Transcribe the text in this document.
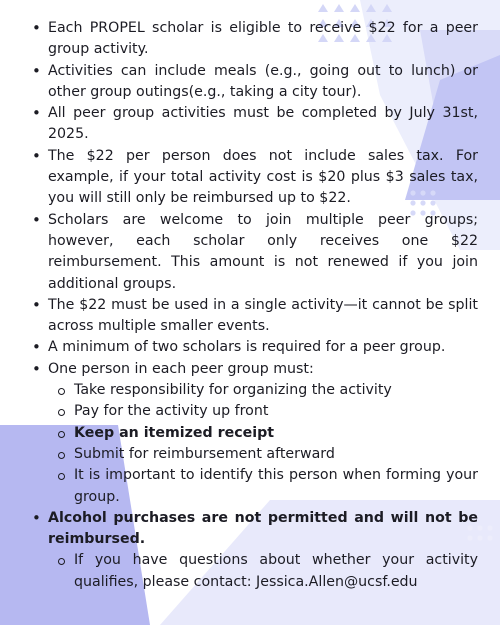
• Each PROPEL scholar is eligible to receive $22 for a peer group activity.
• Activities can include meals (e.g., going out to lunch) or other group outings(e.g., taking a city tour).
• All peer group activities must be completed by July 31st, 2025.
• The $22 per person does not include sales tax. For example, if your total activity cost is $20 plus $3 sales tax, you will still only be reimbursed up to $22.
• Scholars are welcome to join multiple peer groups; however, each scholar only receives one $22 reimbursement. This amount is not renewed if you join additional groups.
• The $22 must be used in a single activity—it cannot be split across multiple smaller events.
• A minimum of two scholars is required for a peer group.
• One person in each peer group must:
Take responsibility for organizing the activity
Pay for the activity up front
Keep an itemized receipt
Submit for reimbursement afterward
It is important to identify this person when forming your group.
• Alcohol purchases are not permitted and will not be reimbursed.
If you have questions about whether your activity qualifies, please contact: Jessica.Allen@ucsf.edu
